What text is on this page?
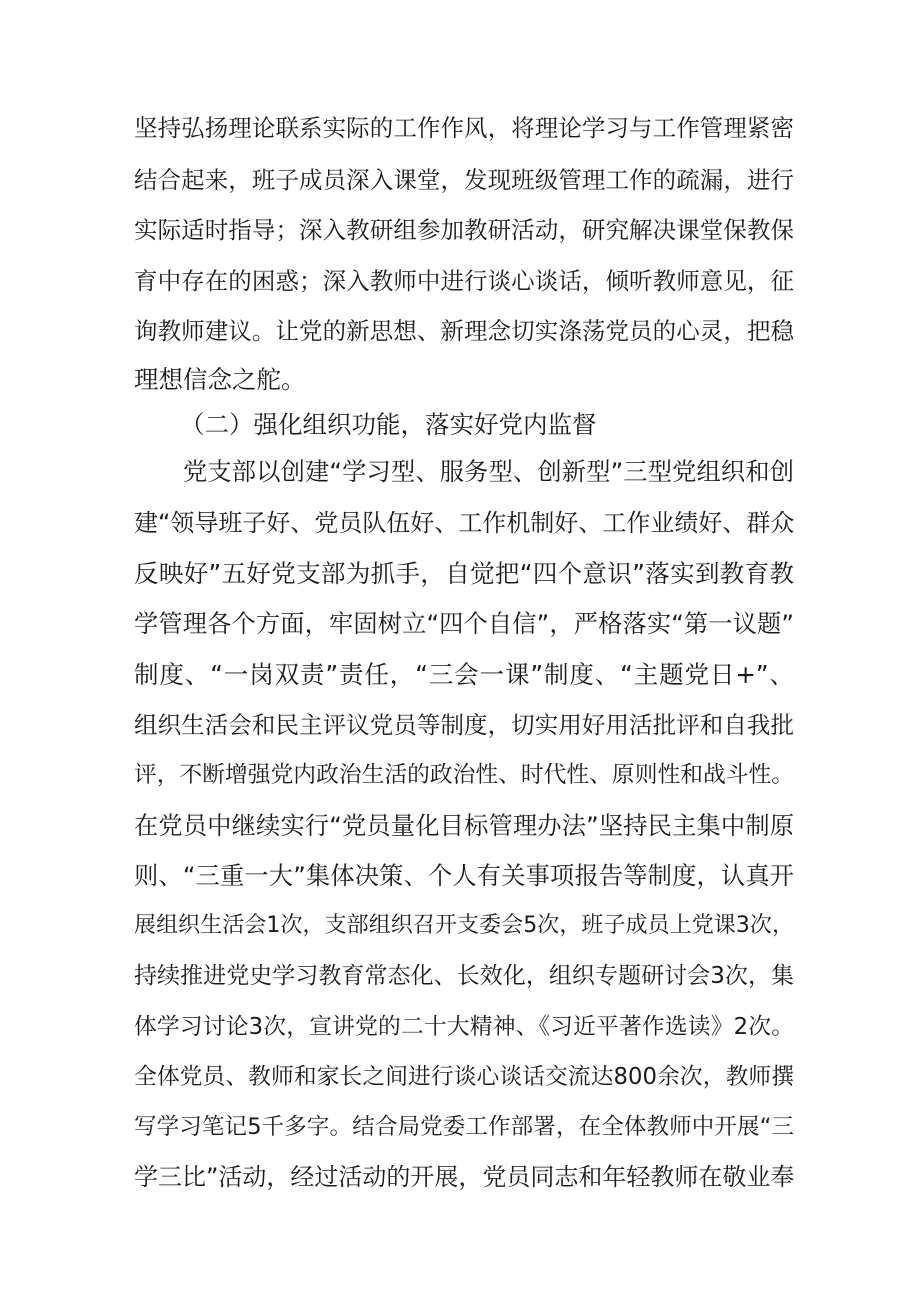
坚持弘扬理论联系实际的工作作风，将理论学习与工作管理紧密
结合起来，班子成员深入课堂，发现班级管理工作的疏漏，进行
实际适时指导；深入教研组参加教研活动，研究解决课堂保教保
育中存在的困惑；深入教师中进行谈心谈话，倾听教师意见，征
询教师建议。让党的新思想、新理念切实涤荡党员的心灵，把稳
理想信念之舵。
（二）强化组织功能，落实好党内监督
党支部以创建“学习型、服务型、创新型”三型党组织和创
建“领导班子好、党员队伍好、工作机制好、工作业绩好、群众
反映好”五好党支部为抓手，自觉把“四个意识”落实到教育教
学管理各个方面，牢固树立“四个自信”，严格落实“第一议题”
制度、“一岗双责”责任，“三会一课”制度、“主题党日+”、
组织生活会和民主评议党员等制度，切实用好用活批评和自我批
评，不断增强党内政治生活的政治性、时代性、原则性和战斗性。
在党员中继续实行“党员量化目标管理办法”坚持民主集中制原
则、“三重一大”集体决策、个人有关事项报告等制度，认真开
展组织生活会1次，支部组织召开支委会5次，班子成员上党课3次，
持续推进党史学习教育常态化、长效化，组织专题研讨会3次，集
体学习讨论3次，宣讲党的二十大精神、《习近平著作选读》2次。
全体党员、教师和家长之间进行谈心谈话交流达800余次，教师撰
写学习笔记5千多字。结合局党委工作部署，在全体教师中开展“三
学三比”活动，经过活动的开展，党员同志和年轻教师在敬业奉
